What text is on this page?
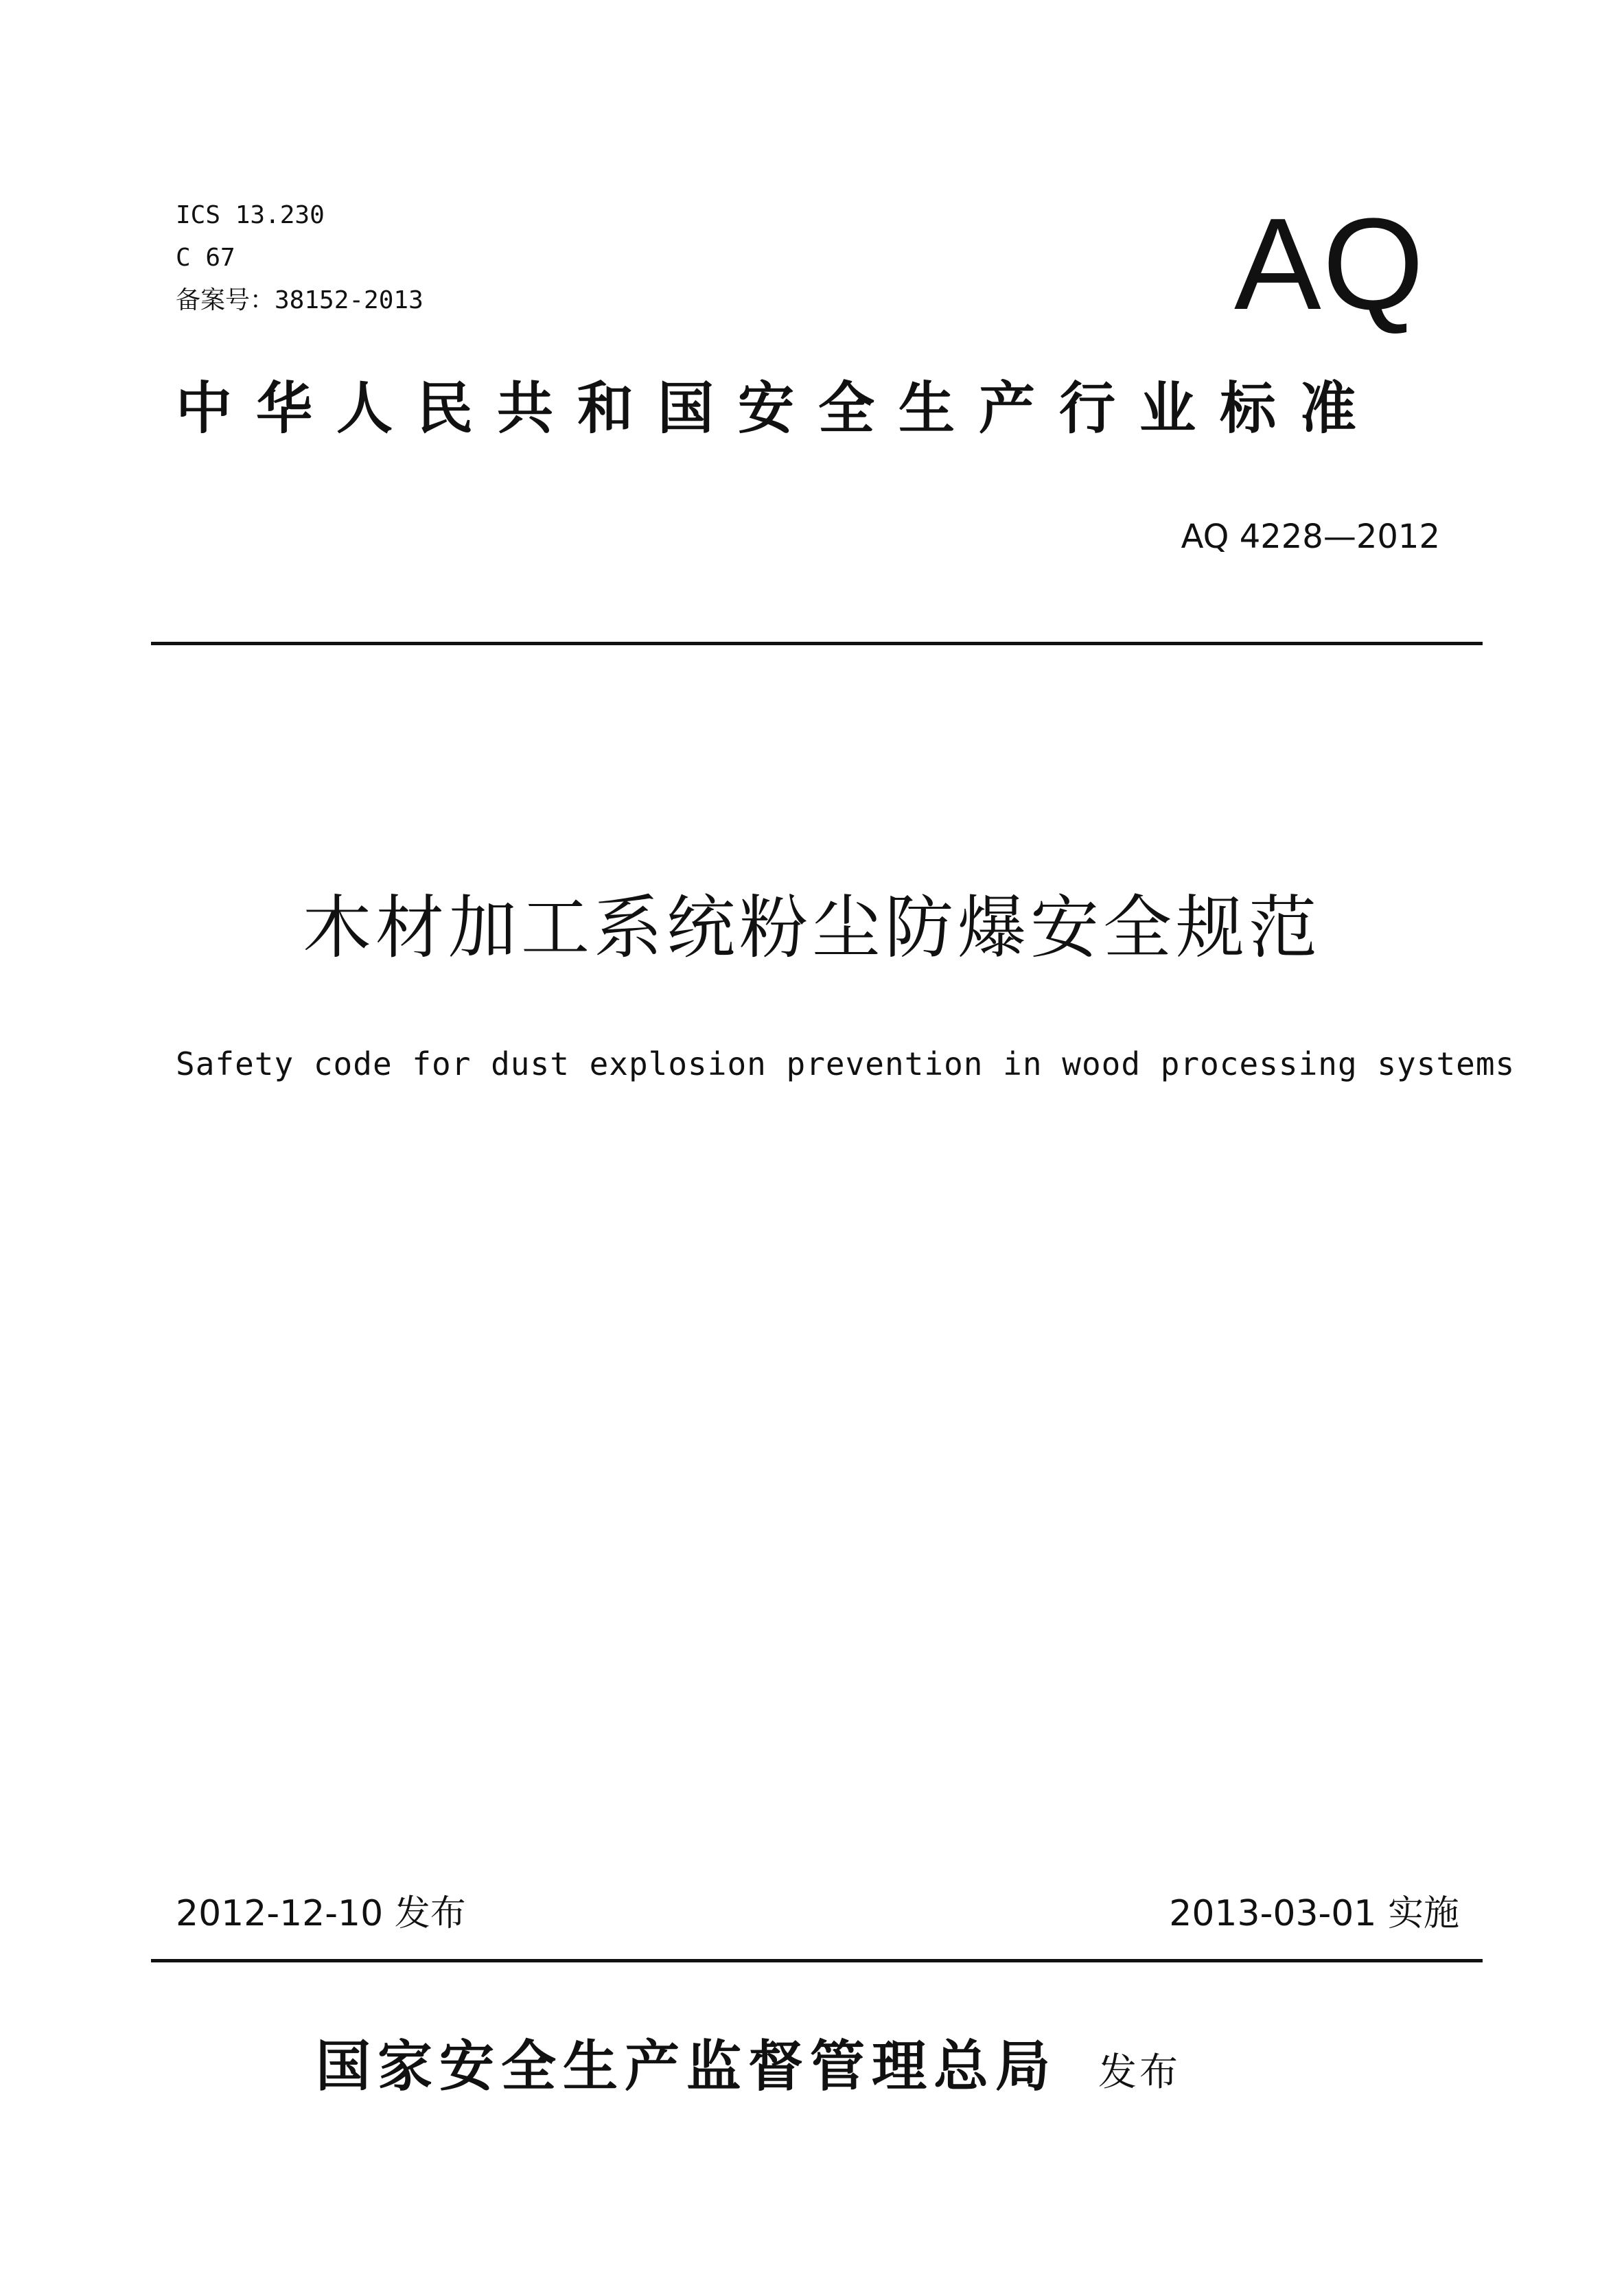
ICS 13.230
C 67
备案号：38152-2013	AQ
中华人民共和国安全生产行业标准
AQ 4228—2012
木材加工系统粉尘防爆安全规范
Safety code for dust explosion prevention in wood processing systems
2012-12-10 发布	2013-03-01 实施
国家安全生产监督管理总局 发布
